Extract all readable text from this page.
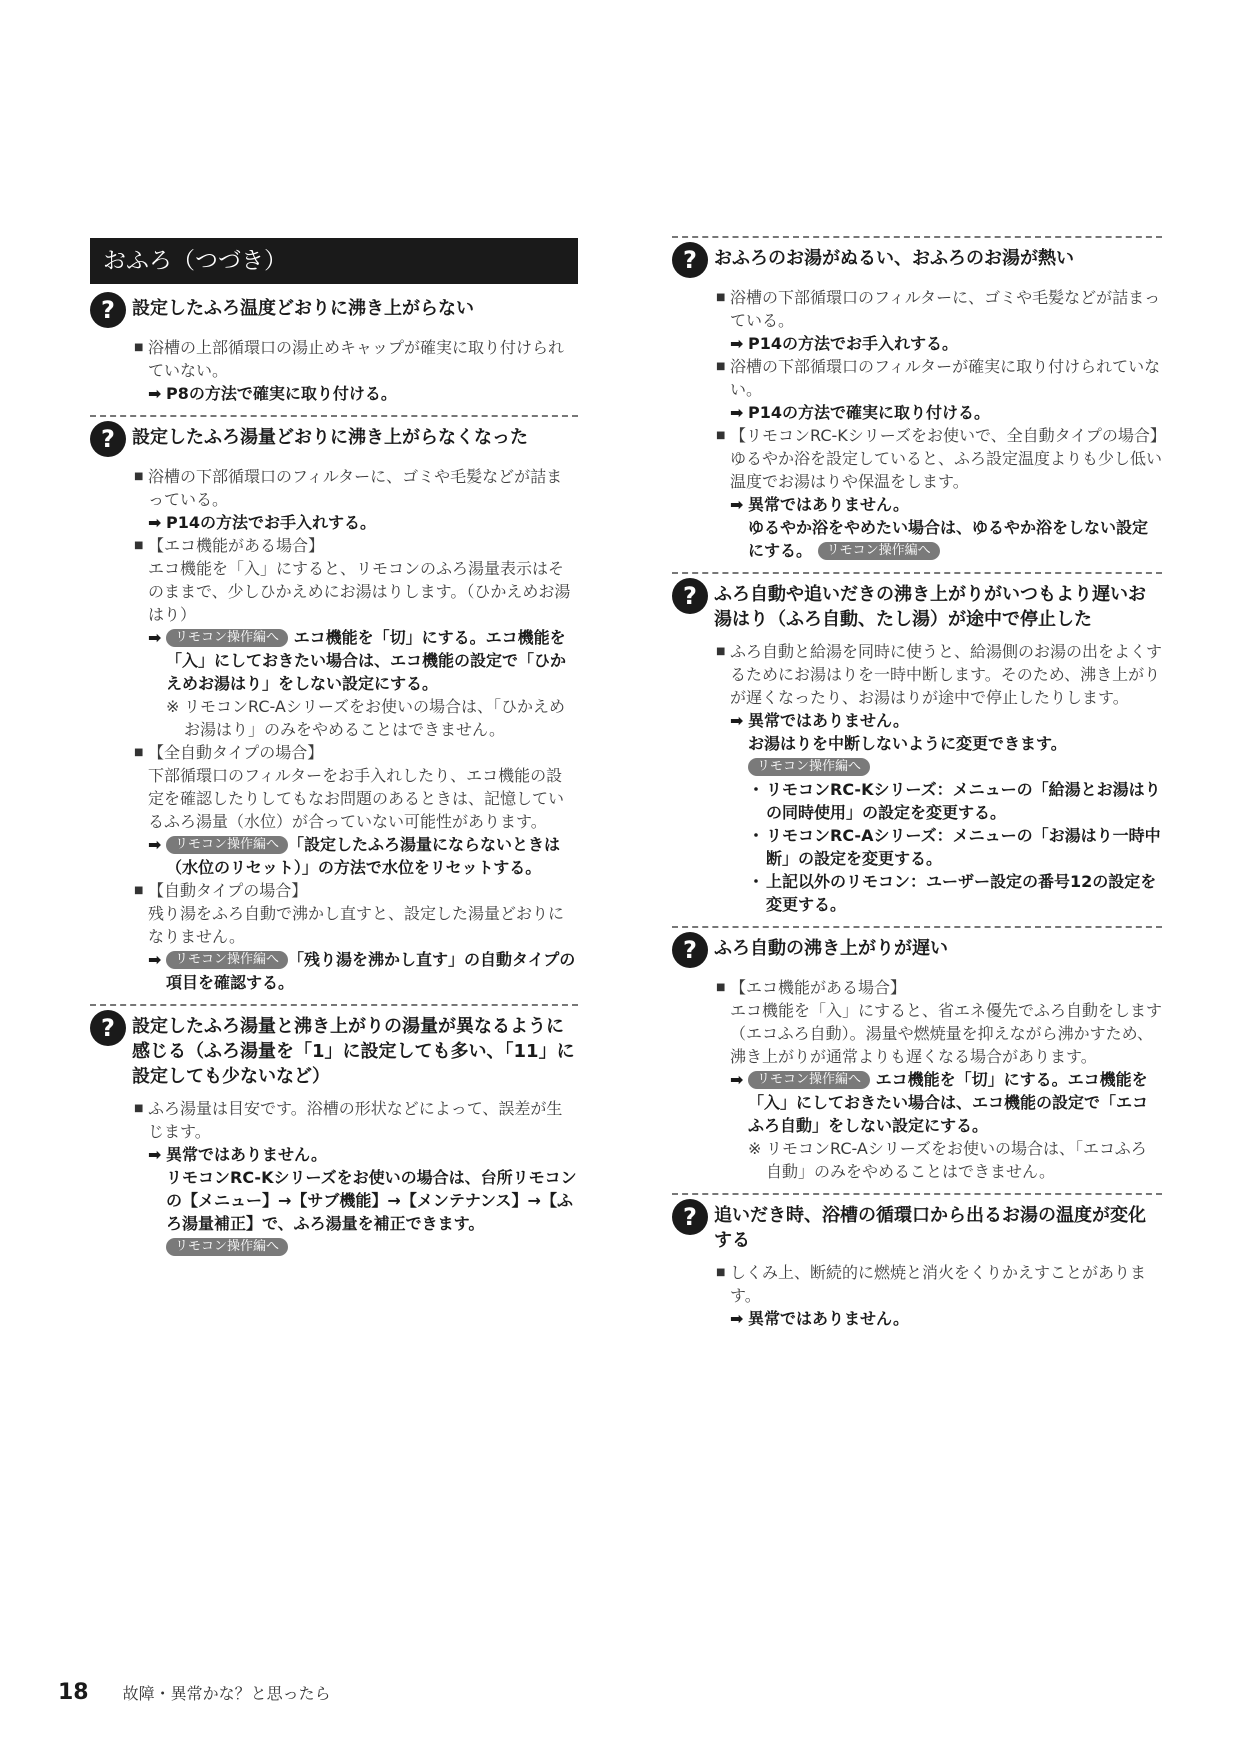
おふろ（つづき）
? 設定したふろ温度どおりに沸き上がらない
■ 浴槽の上部循環口の湯止めキャップが確実に取り付けられていない。
➡ P8の方法で確実に取り付ける。
? 設定したふろ湯量どおりに沸き上がらなくなった
■ 浴槽の下部循環口のフィルターに、ゴミや毛髪などが詰まっている。
➡ P14の方法でお手入れする。
■ 【エコ機能がある場合】
エコ機能を「入」にすると、リモコンのふろ湯量表示はそのままで、少しひかえめにお湯はりします。（ひかえめお湯はり）
➡	リモコン操作編へ エコ機能を「切」にする。エコ機能を「入」にしておきたい場合は、エコ機能の設定で「ひかえめお湯はり」をしない設定にする。
※ リモコンRC-Aシリーズをお使いの場合は、「ひかえめお湯はり」のみをやめることはできません。
■ 【全自動タイプの場合】
下部循環口のフィルターをお手入れしたり、エコ機能の設定を確認したりしてもなお問題のあるときは、記憶しているふろ湯量（水位）が合っていない可能性があります。
➡	リモコン操作編へ 「設定したふろ湯量にならないときは（水位のリセット）」の方法で水位をリセットする。
■ 【自動タイプの場合】
残り湯をふろ自動で沸かし直すと、設定した湯量どおりになりません。
➡	リモコン操作編へ 「残り湯を沸かし直す」の自動タイプの項目を確認する。
? 設定したふろ湯量と沸き上がりの湯量が異なるように感じる（ふろ湯量を「1」に設定しても多い、「11」に設定しても少ないなど）
■ ふろ湯量は目安です。浴槽の形状などによって、誤差が生じます。
➡ 異常ではありません。
リモコンRC-Kシリーズをお使いの場合は、台所リモコンの【メニュー】→【サブ機能】→【メンテナンス】→【ふろ湯量補正】で、ふろ湯量を補正できます。
リモコン操作編へ
? おふろのお湯がぬるい、おふろのお湯が熱い
■ 浴槽の下部循環口のフィルターに、ゴミや毛髪などが詰まっている。
➡ P14の方法でお手入れする。
■ 浴槽の下部循環口のフィルターが確実に取り付けられていない。
➡ P14の方法で確実に取り付ける。
■ 【リモコンRC-Kシリーズをお使いで、全自動タイプの場合】
ゆるやか浴を設定していると、ふろ設定温度よりも少し低い温度でお湯はりや保温をします。
➡ 異常ではありません。
ゆるやか浴をやめたい場合は、ゆるやか浴をしない設定にする。 リモコン操作編へ
? ふろ自動や追いだきの沸き上がりがいつもより遅いお湯はり（ふろ自動、たし湯）が途中で停止した
■ ふろ自動と給湯を同時に使うと、給湯側のお湯の出をよくするためにお湯はりを一時中断します。そのため、沸き上がりが遅くなったり、お湯はりが途中で停止したりします。
➡ 異常ではありません。
お湯はりを中断しないように変更できます。
リモコン操作編へ
・ リモコンRC-Kシリーズ：メニューの「給湯とお湯はりの同時使用」の設定を変更する。
・ リモコンRC-Aシリーズ：メニューの「お湯はり一時中断」の設定を変更する。
・ 上記以外のリモコン：ユーザー設定の番号12の設定を変更する。
? ふろ自動の沸き上がりが遅い
■ 【エコ機能がある場合】
エコ機能を「入」にすると、省エネ優先でふろ自動をします（エコふろ自動）。湯量や燃焼量を抑えながら沸かすため、沸き上がりが通常よりも遅くなる場合があります。
➡	リモコン操作編へ エコ機能を「切」にする。エコ機能を「入」にしておきたい場合は、エコ機能の設定で「エコふろ自動」をしない設定にする。
※ リモコンRC-Aシリーズをお使いの場合は、「エコふろ自動」のみをやめることはできません。
? 追いだき時、浴槽の循環口から出るお湯の温度が変化する
■ しくみ上、断続的に燃焼と消火をくりかえすことがあります。
➡ 異常ではありません。
18 故障・異常かな？と思ったら
